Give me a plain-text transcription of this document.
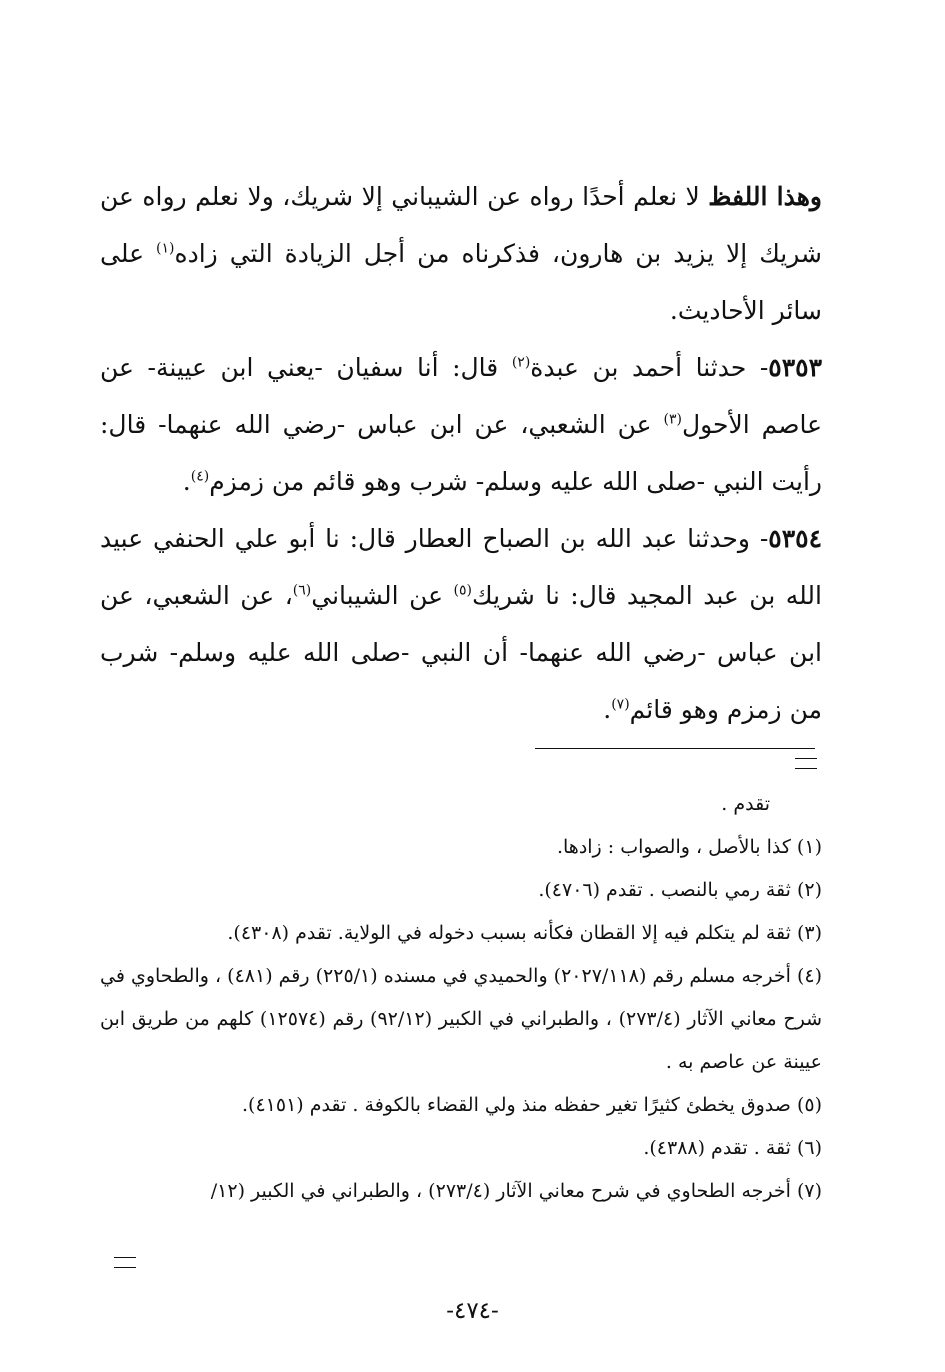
وهذا اللفظ لا نعلم أحدًا رواه عن الشيباني إلا شريك، ولا نعلم رواه عن شريك إلا يزيد بن هارون، فذكرناه من أجل الزيادة التي زاده$^{(١)}$ على سائر الأحاديث.

٥٣٥٣- حدثنا أحمد بن عبدة$^{(٢)}$ قال: أنا سفيان -يعني ابن عيينة- عن عاصم الأحول$^{(٣)}$ عن الشعبي، عن ابن عباس -رضي الله عنهما- قال: رأيت النبي -صلى الله عليه وسلم- شرب وهو قائم من زمزم$^{(٤)}$.

٥٣٥٤- وحدثنا عبد الله بن الصباح العطار قال: نا أبو علي الحنفي عبيد الله بن عبد المجيد قال: نا شريك$^{(٥)}$ عن الشيباني$^{(٦)}$، عن الشعبي، عن ابن عباس -رضي الله عنهما- أن النبي -صلى الله عليه وسلم- شرب من زمزم وهو قائم$^{(٧)}$.

تقدم .

(١) كذا بالأصل ، والصواب : زادها.

(٢) ثقة رمي بالنصب . تقدم (٤٧٠٦).

(٣) ثقة لم يتكلم فيه إلا القطان فكأنه بسبب دخوله في الولاية. تقدم (٤٣٠٨).

(٤) أخرجه مسلم رقم (٢٠٢٧/١١٨) والحميدي في مسنده (٢٢٥/١) رقم (٤٨١) ، والطحاوي في شرح معاني الآثار (٢٧٣/٤) ، والطبراني في الكبير (٩٢/١٢) رقم (١٢٥٧٤) كلهم من طريق ابن عيينة عن عاصم به .

(٥) صدوق يخطئ كثيرًا تغير حفظه منذ ولي القضاء بالكوفة . تقدم (٤١٥١).

(٦) ثقة . تقدم (٤٣٨٨).

(٧) أخرجه الطحاوي في شرح معاني الآثار (٢٧٣/٤) ، والطبراني في الكبير (١٢/

-٤٧٤-
